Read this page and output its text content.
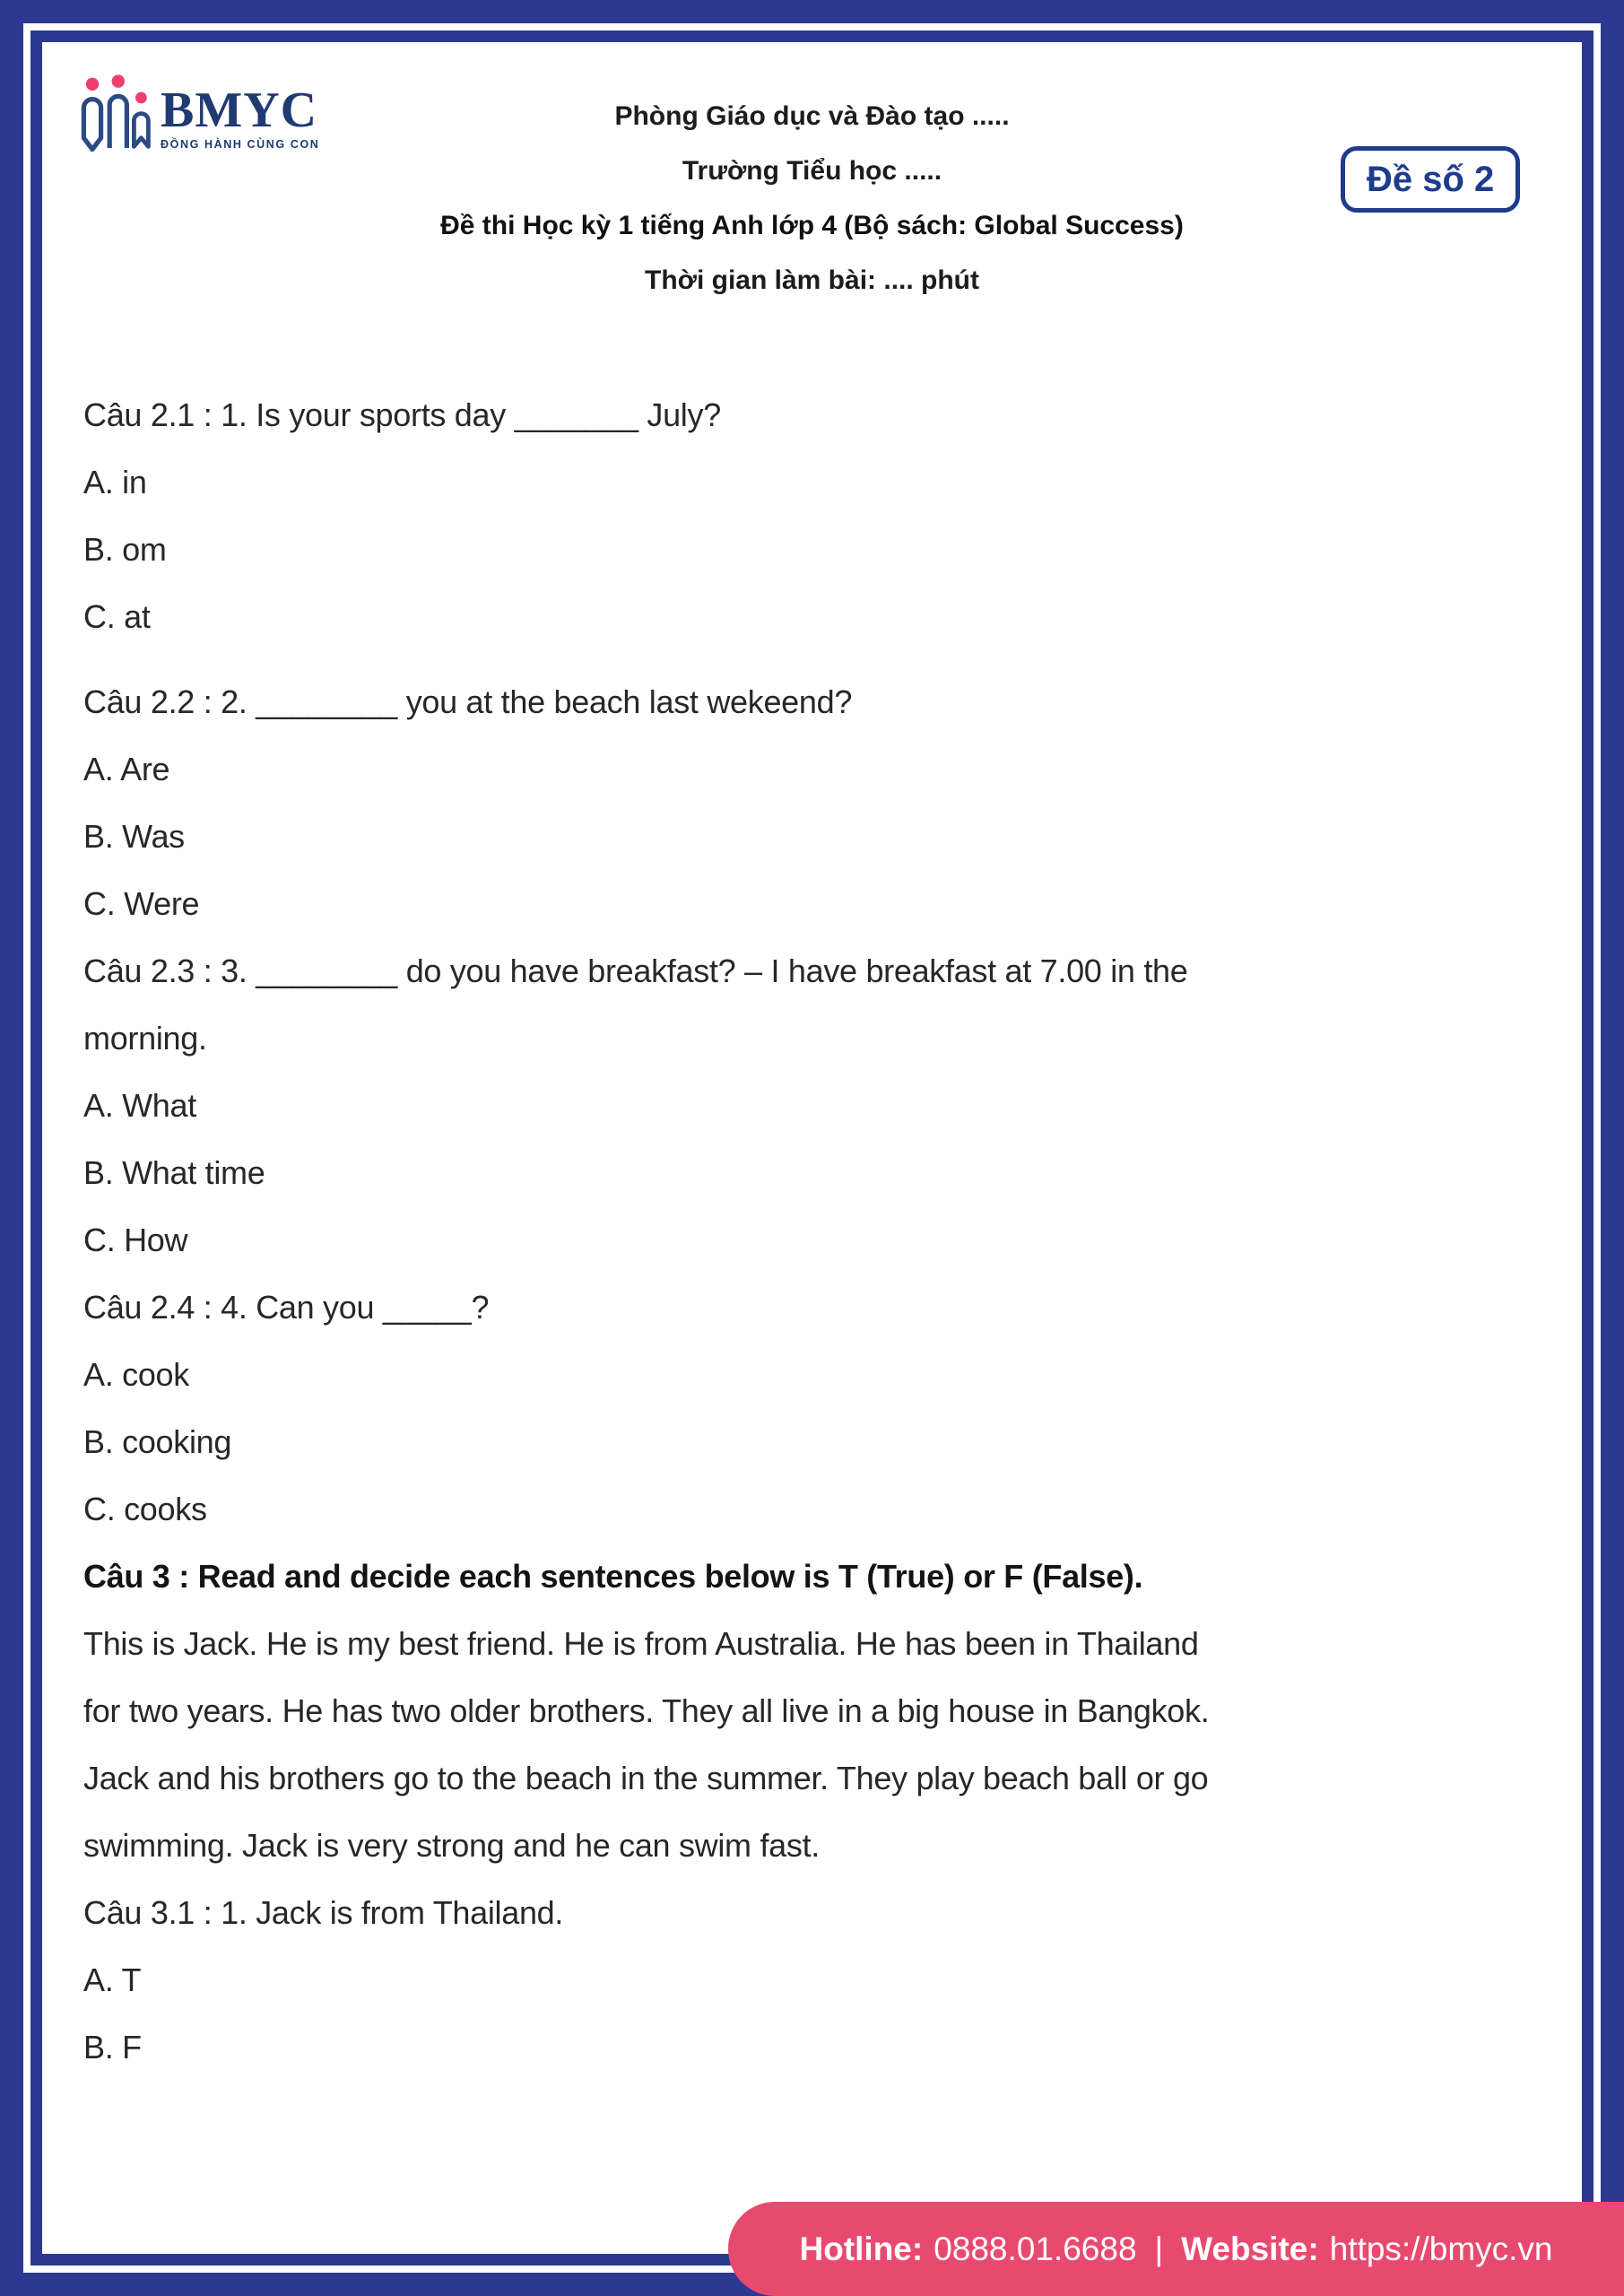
BMYC
ĐỒNG HÀNH CÙNG CON
Phòng Giáo dục và Đào tạo .....
Trường Tiểu học .....
Đề thi Học kỳ 1 tiếng Anh lớp 4 (Bộ sách: Global Success)
Thời gian làm bài: .... phút
Đề số 2
Câu 2.1 : 1. Is your sports day _______ July?
A. in
B. om
C. at
Câu 2.2 : 2. ________ you at the beach last wekeend?
A. Are
B. Was
C. Were
Câu 2.3 : 3. ________ do you have breakfast? – I have breakfast at 7.00 in the
morning.
A. What
B. What time
C. How
Câu 2.4 : 4. Can you _____?
A. cook
B. cooking
C. cooks
Câu 3 : Read and decide each sentences below is T (True) or F (False).
This is Jack. He is my best friend. He is from Australia. He has been in Thailand
for two years. He has two older brothers. They all live in a big house in Bangkok.
Jack and his brothers go to the beach in the summer. They play beach ball or go
swimming. Jack is very strong and he can swim fast.
Câu 3.1 : 1. Jack is from Thailand.
A. T
B. F
Hotline: 0888.01.6688 | Website: https://bmyc.vn
